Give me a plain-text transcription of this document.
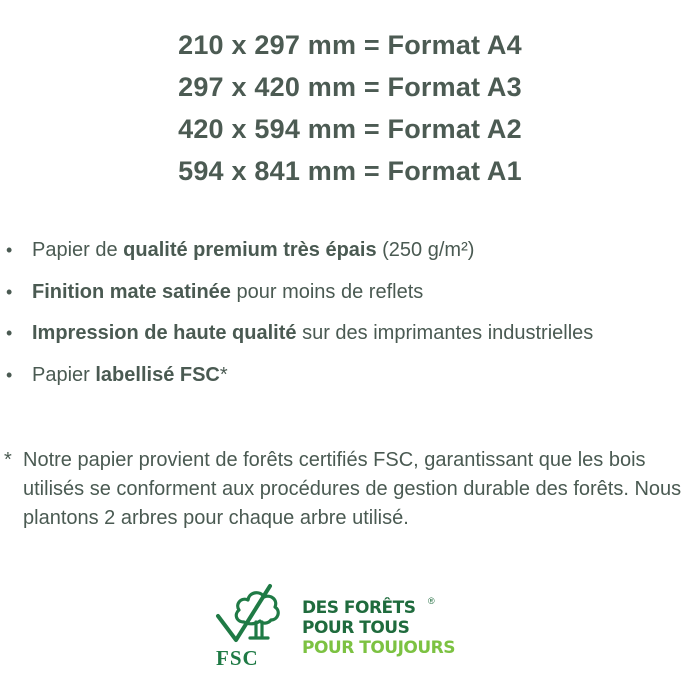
210 x 297 mm = Format A4
297 x 420 mm = Format A3
420 x 594 mm = Format A2
594 x 841 mm = Format A1
• Papier de qualité premium très épais (250 g/m²)
• Finition mate satinée pour moins de reflets
• Impression de haute qualité sur des imprimantes industrielles
• Papier labellisé FSC*
* Notre papier provient de forêts certifiés FSC, garantissant que les bois utilisés se conforment aux procédures de gestion durable des forêts. Nous plantons 2 arbres pour chaque arbre utilisé.
FSC
DES FORÊTS
POUR TOUS
POUR TOUJOURS
®
